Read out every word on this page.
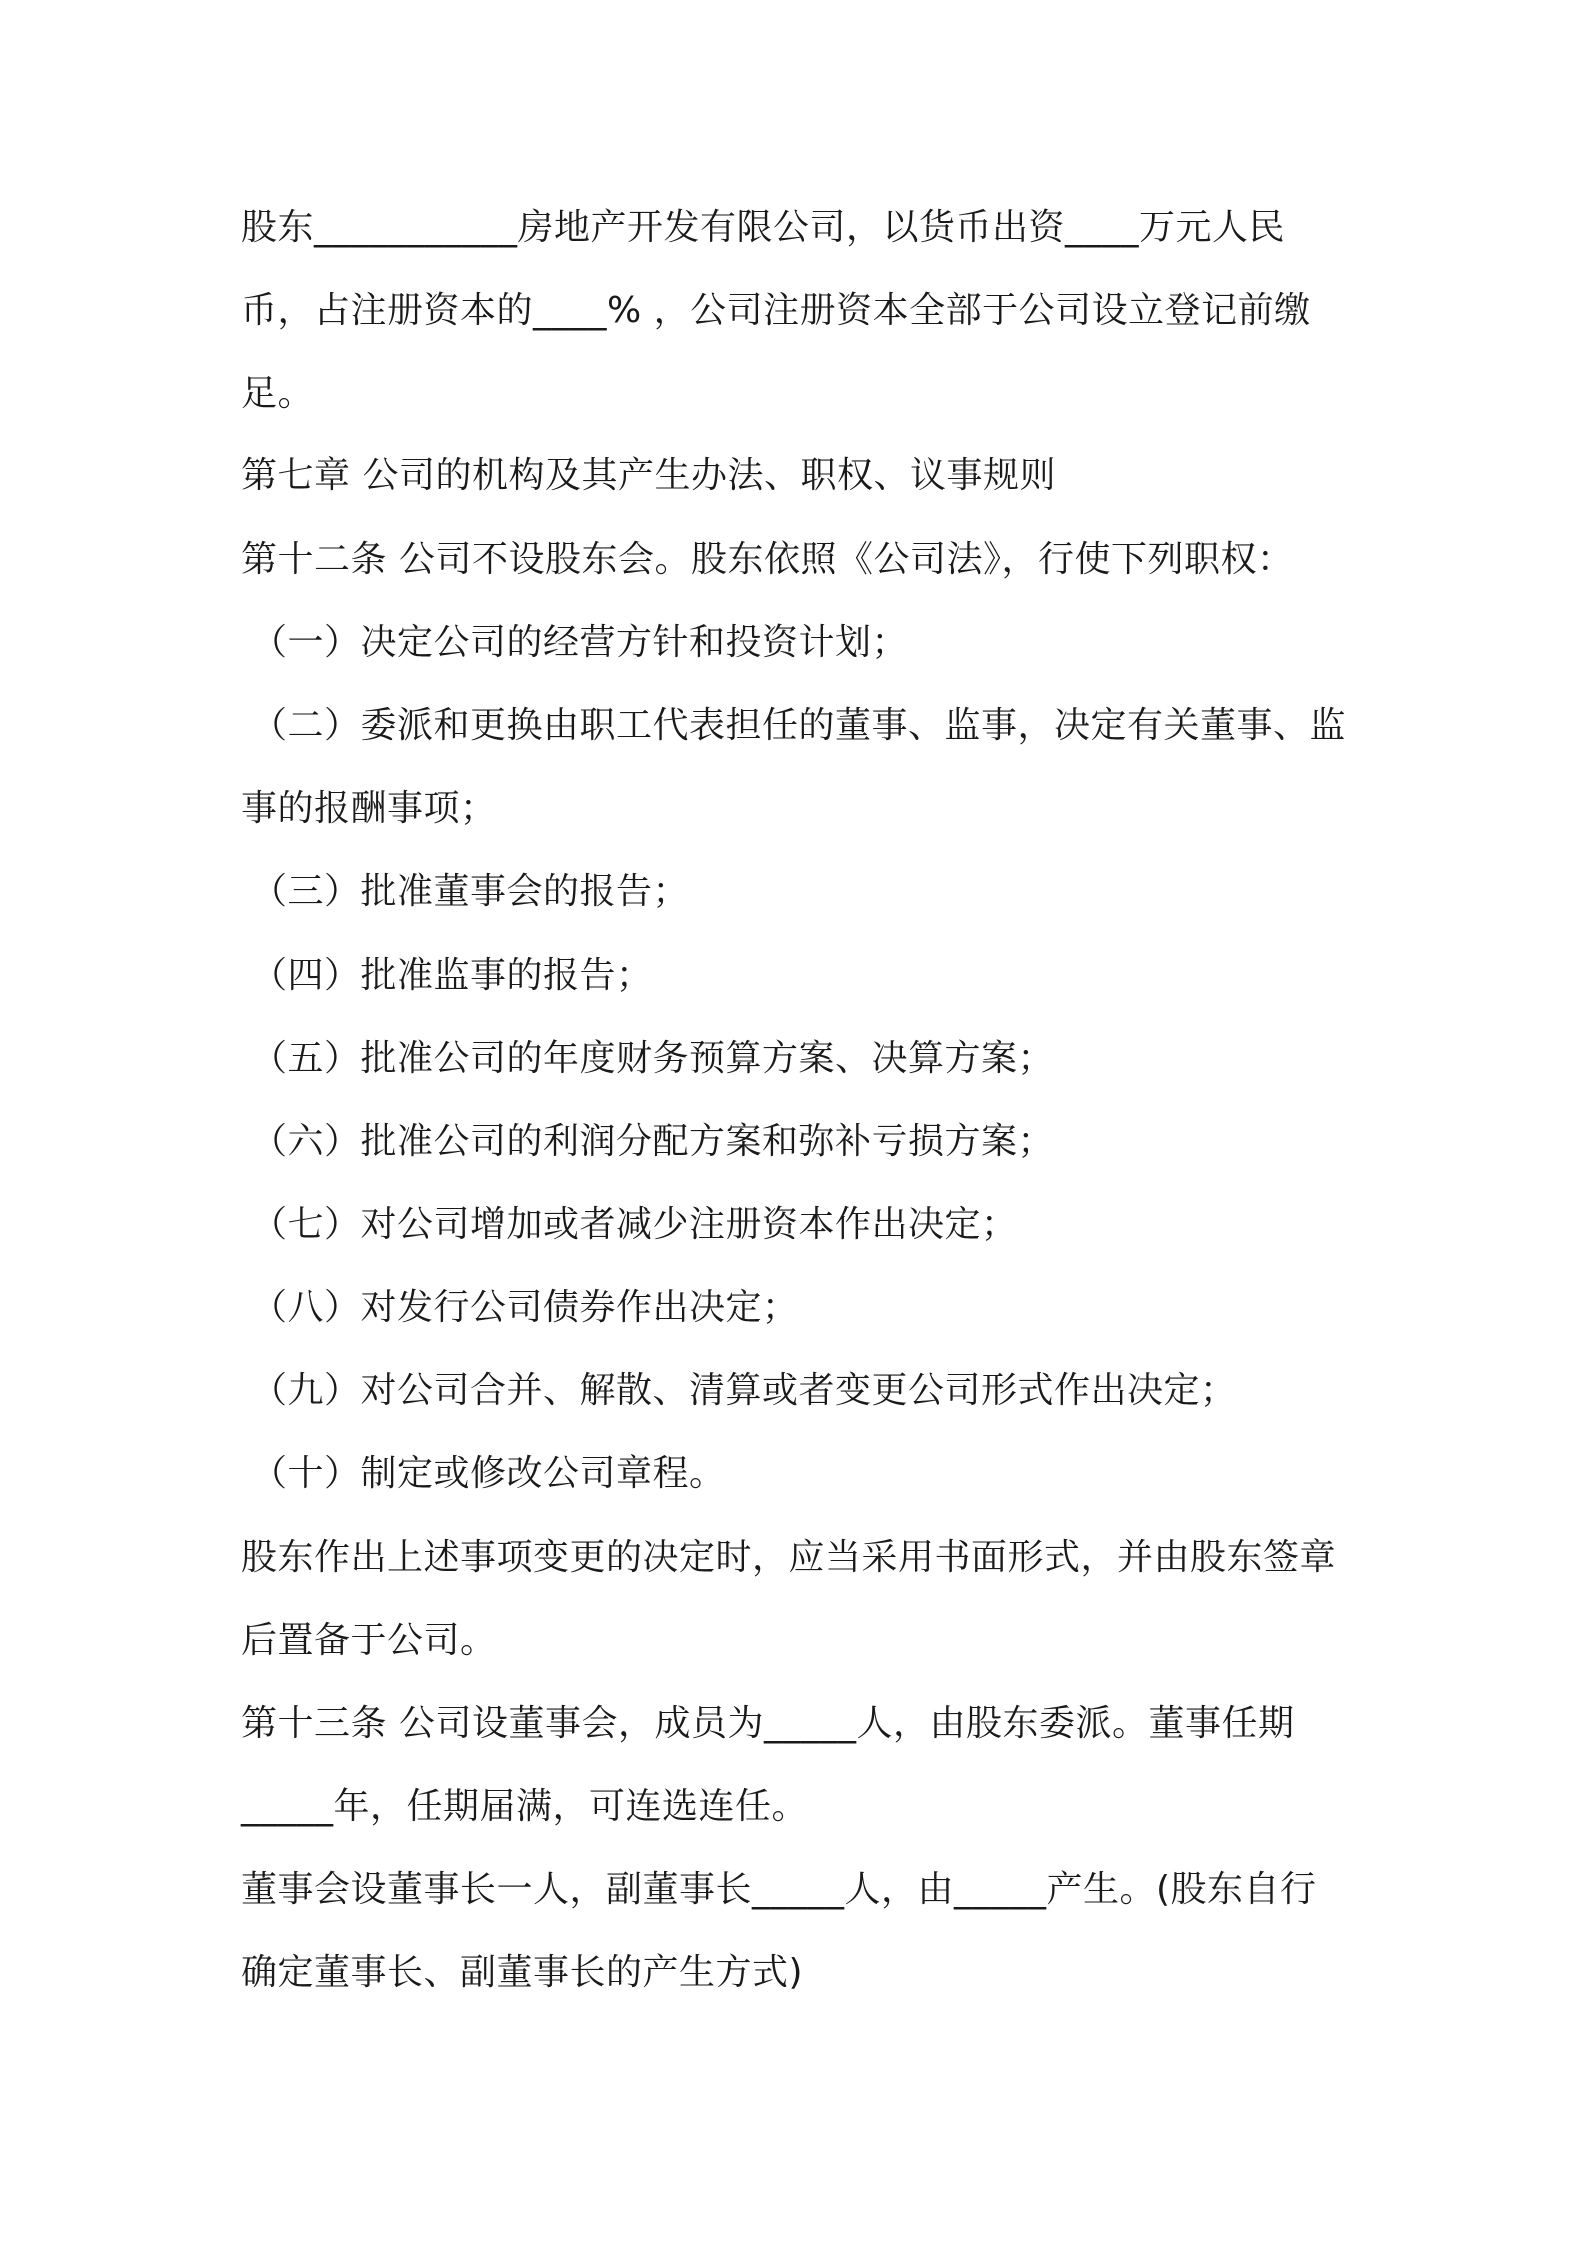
股东___________房地产开发有限公司，以货币出资____万元人民
币，占注册资本的____% ，公司注册资本全部于公司设立登记前缴
足。
第七章 公司的机构及其产生办法、职权、议事规则
第十二条 公司不设股东会。股东依照《公司法》，行使下列职权：
（一）决定公司的经营方针和投资计划；
（二）委派和更换由职工代表担任的董事、监事，决定有关董事、监
事的报酬事项；
（三）批准董事会的报告；
（四）批准监事的报告；
（五）批准公司的年度财务预算方案、决算方案；
（六）批准公司的利润分配方案和弥补亏损方案；
（七）对公司增加或者减少注册资本作出决定；
（八）对发行公司债券作出决定；
（九）对公司合并、解散、清算或者变更公司形式作出决定；
（十）制定或修改公司章程。
股东作出上述事项变更的决定时，应当采用书面形式，并由股东签章
后置备于公司。
第十三条 公司设董事会，成员为_____人，由股东委派。董事任期
_____年，任期届满，可连选连任。
董事会设董事长一人，副董事长_____人，由_____产生。(股东自行
确定董事长、副董事长的产生方式)
